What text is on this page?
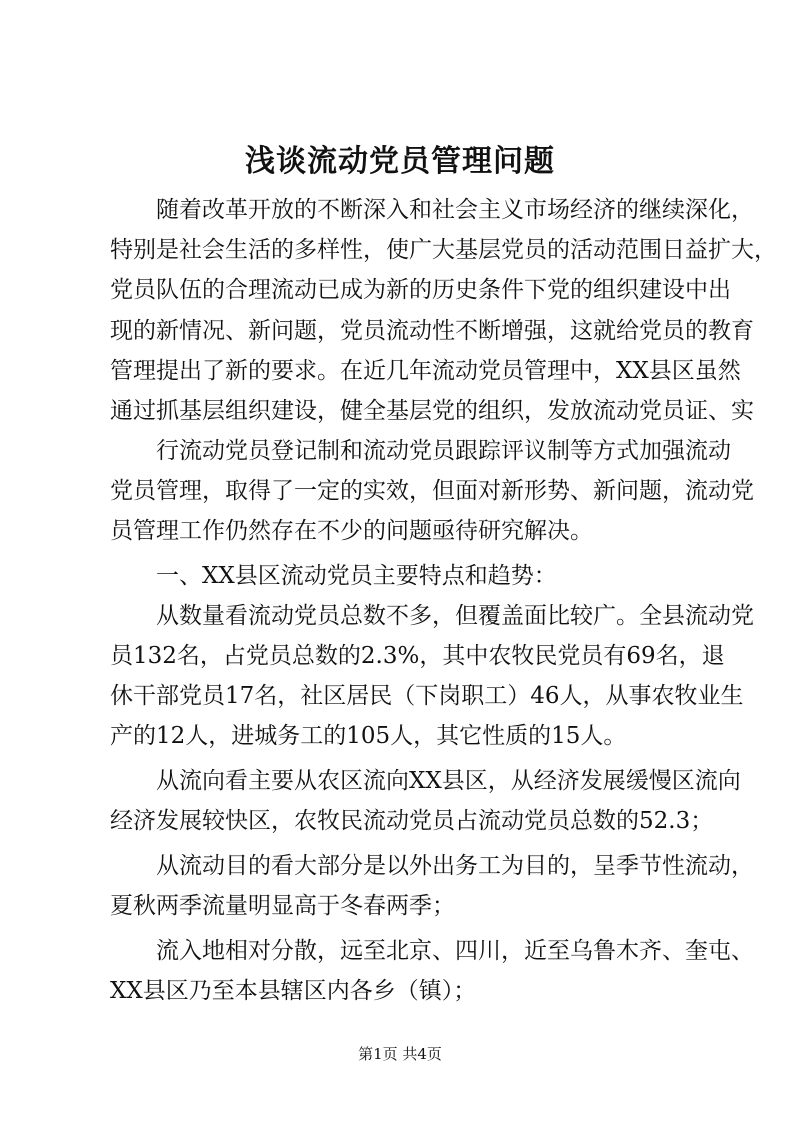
浅谈流动党员管理问题

随着改革开放的不断深入和社会主义市场经济的继续深化，

特别是社会生活的多样性，使广大基层党员的活动范围日益扩大，

党员队伍的合理流动已成为新的历史条件下党的组织建设中出

现的新情况、新问题，党员流动性不断增强，这就给党员的教育

管理提出了新的要求。在近几年流动党员管理中，XX县区虽然

通过抓基层组织建设，健全基层党的组织，发放流动党员证、实

行流动党员登记制和流动党员跟踪评议制等方式加强流动

党员管理，取得了一定的实效，但面对新形势、新问题，流动党

员管理工作仍然存在不少的问题亟待研究解决。

一、XX县区流动党员主要特点和趋势：

从数量看流动党员总数不多，但覆盖面比较广。全县流动党

员132名，占党员总数的2.3%，其中农牧民党员有69名，退

休干部党员17名，社区居民（下岗职工）46人，从事农牧业生

产的12人，进城务工的105人，其它性质的15人。

从流向看主要从农区流向XX县区，从经济发展缓慢区流向

经济发展较快区，农牧民流动党员占流动党员总数的52.3；

从流动目的看大部分是以外出务工为目的，呈季节性流动，

夏秋两季流量明显高于冬春两季；

流入地相对分散，远至北京、四川，近至乌鲁木齐、奎屯、

XX县区乃至本县辖区内各乡（镇）；

第1页 共4页
